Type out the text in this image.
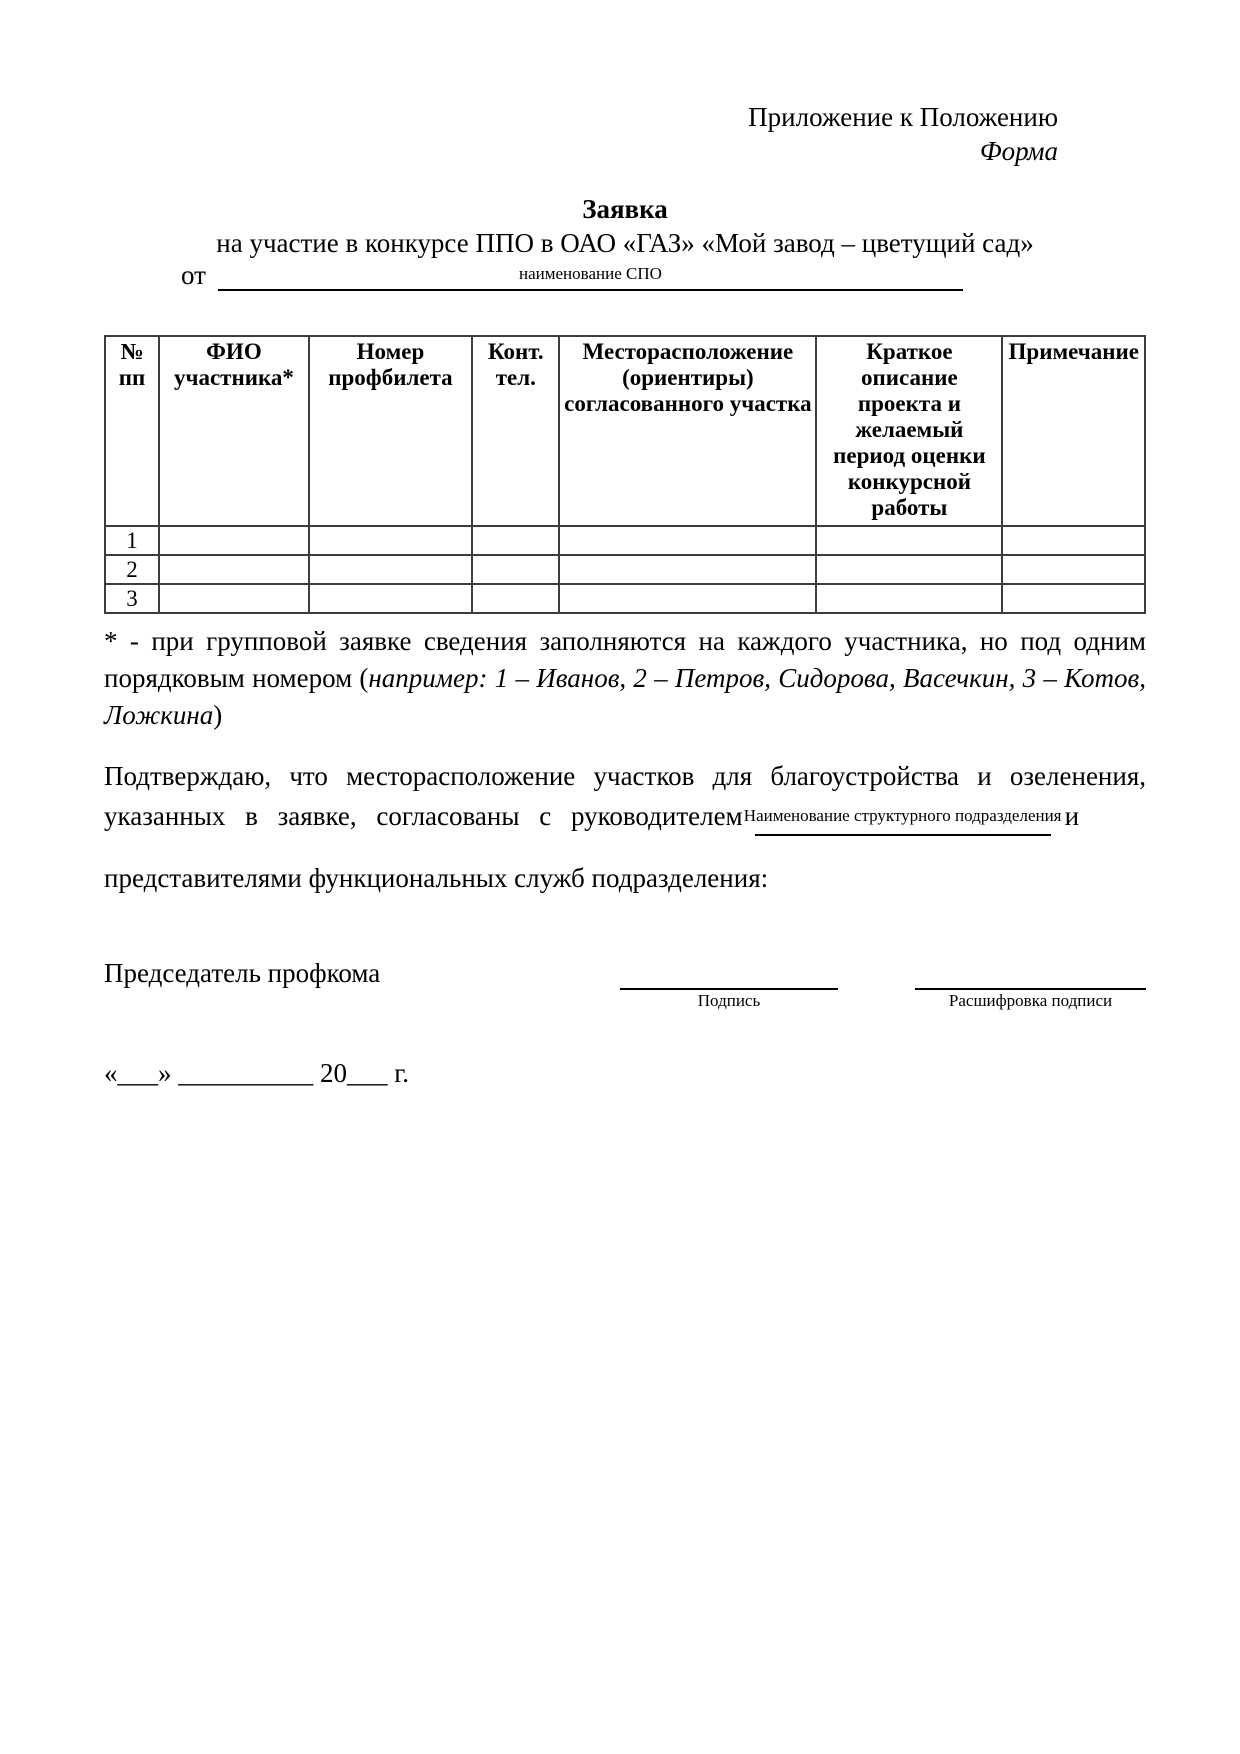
Приложение к Положению
Форма
Заявка
на участие в конкурсе ППО в ОАО «ГАЗ» «Мой завод – цветущий сад»
от	наименование СПО
№ пп	ФИО участника*	Номер профбилета	Конт. тел.	Месторасположение (ориентиры) согласованного участка	Краткое описание проекта и желаемый период оценки конкурсной работы	Примечание
1						
2						
3						

* - при групповой заявке сведения заполняются на каждого участника, но под одним порядковым номером (например: 1 – Иванов, 2 – Петров, Сидорова, Васечкин, 3 – Котов, Ложкина)

Подтверждаю, что месторасположение участков для благоустройства и озеленения,
указанных в заявке, согласованы с руководителем Наименование структурного подразделения и
представителями функциональных служб подразделения:
Председатель профкома
Подпись	Расшифровка подписи
«___» __________ 20___ г.
